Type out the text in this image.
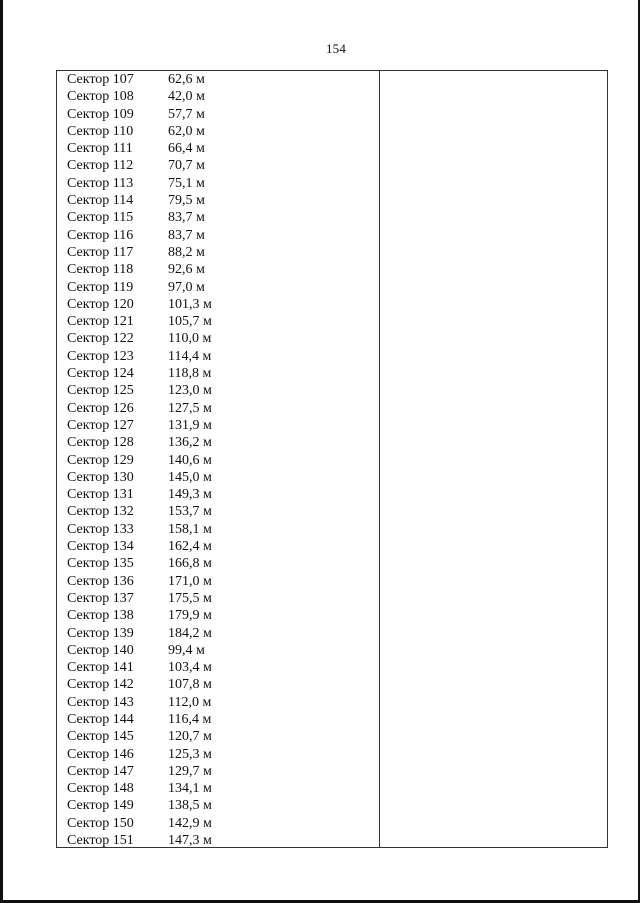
154
Сектор 107 62,6 м
Сектор 108 42,0 м
Сектор 109 57,7 м
Сектор 110 62,0 м
Сектор 111	66,4 м
Сектор 112 70,7 м
Сектор 113 75,1 м
Сектор 114 79,5 м
Сектор 115 83,7 м
Сектор 116 83,7 м
Сектор 117 88,2 м
Сектор 118 92,6 м
Сектор 119 97,0 м
Сектор 120 101,3 м
Сектор 121 105,7 м
Сектор 122 110,0 м
Сектор 123 114,4 м
Сектор 124 118,8 м
Сектор 125 123,0 м
Сектор 126 127,5 м
Сектор 127 131,9 м
Сектор 128 136,2 м
Сектор 129 140,6 м
Сектор 130 145,0 м
Сектор 131 149,3 м
Сектор 132 153,7 м
Сектор 133 158,1 м
Сектор 134 162,4 м
Сектор 135 166,8 м
Сектор 136 171,0 м
Сектор 137 175,5 м
Сектор 138 179,9 м
Сектор 139 184,2 м
Сектор 140 99,4 м
Сектор 141 103,4 м
Сектор 142 107,8 м
Сектор 143 112,0 м
Сектор 144 116,4 м
Сектор 145 120,7 м
Сектор 146 125,3 м
Сектор 147 129,7 м
Сектор 148 134,1 м
Сектор 149 138,5 м
Сектор 150 142,9 м
Сектор 151 147,3 м
